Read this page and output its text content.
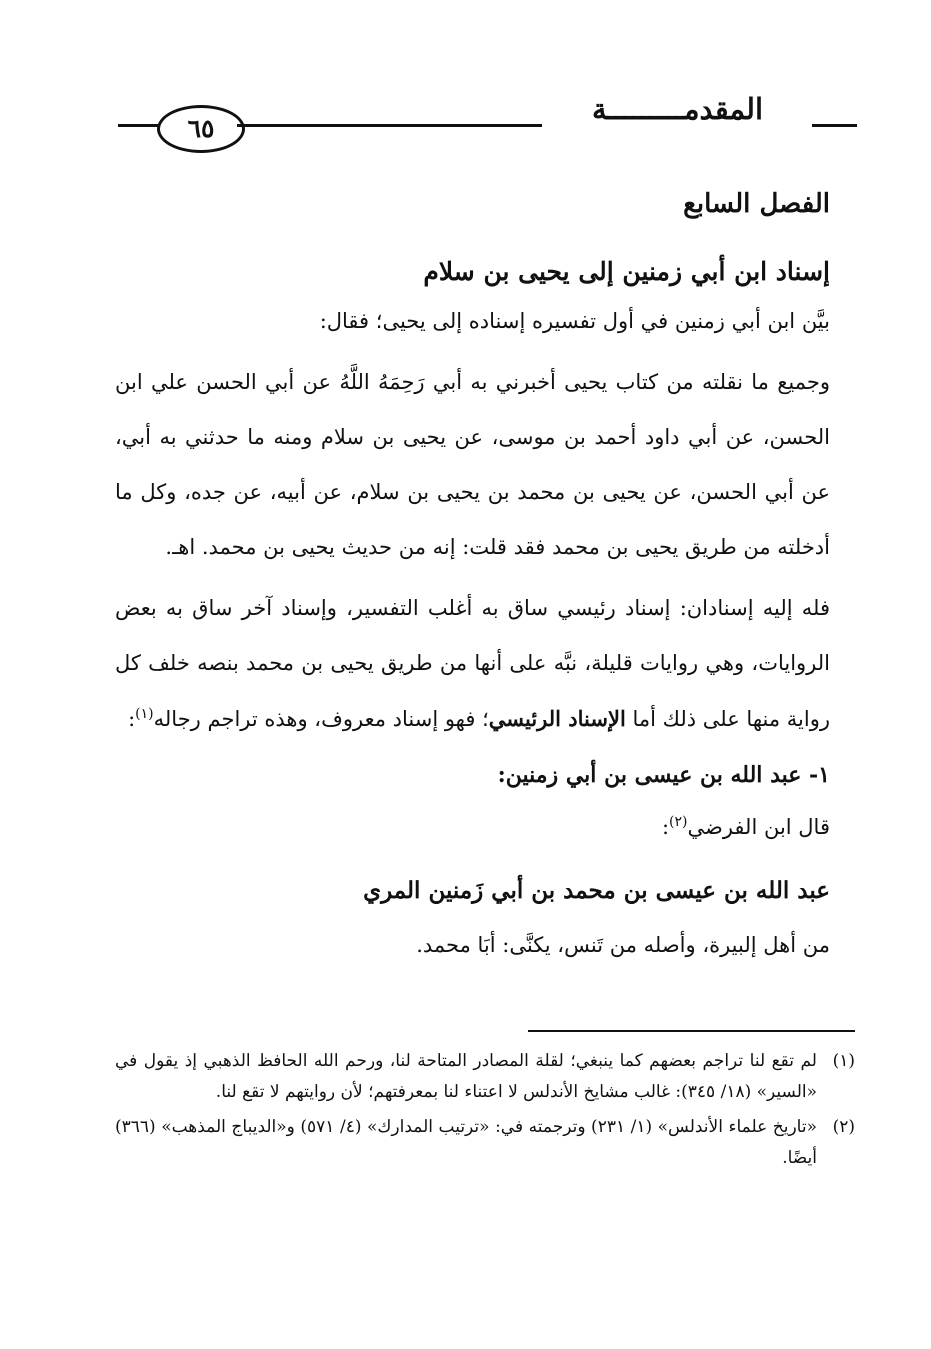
المقدمـــــــــة
٦٥
الفصل السابع
إسناد ابن أبي زمنين إلى يحيى بن سلام

بيَّن ابن أبي زمنين في أول تفسيره إسناده إلى يحيى؛ فقال:

وجميع ما نقلته من كتاب يحيى أخبرني به أبي رَحِمَهُ اللَّهُ عن أبي الحسن علي ابن الحسن، عن أبي داود أحمد بن موسى، عن يحيى بن سلام ومنه ما حدثني به أبي، عن أبي الحسن، عن يحيى بن محمد بن يحيى بن سلام، عن أبيه، عن جده، وكل ما أدخلته من طريق يحيى بن محمد فقد قلت: إنه من حديث يحيى بن محمد. اهـ.

فله إليه إسنادان: إسناد رئيسي ساق به أغلب التفسير، وإسناد آخر ساق به بعض الروايات، وهي روايات قليلة، نبَّه على أنها من طريق يحيى بن محمد بنصه خلف كل رواية منها على ذلك أما الإسناد الرئيسي؛ فهو إسناد معروف، وهذه تراجم رجاله$^{(١)}$:

١- عبد الله بن عيسى بن أبي زمنين:

قال ابن الفرضي$^{(٢)}$:

عبد الله بن عيسى بن محمد بن أبي زَمنين المري

من أهل إلبيرة، وأصله من تَنس، يكنَّى: أبَا محمد.

(١)
لم تقع لنا تراجم بعضهم كما ينبغي؛ لقلة المصادر المتاحة لنا، ورحم الله الحافظ الذهبي إذ يقول في «السير» (١٨/ ٣٤٥): غالب مشايخ الأندلس لا اعتناء لنا بمعرفتهم؛ لأن روايتهم لا تقع لنا.
(٢)
«تاريخ علماء الأندلس» (١/ ٢٣١) وترجمته في: «ترتيب المدارك» (٤/ ٥٧١) و«الديباج المذهب» (٣٦٦) أيضًا.
